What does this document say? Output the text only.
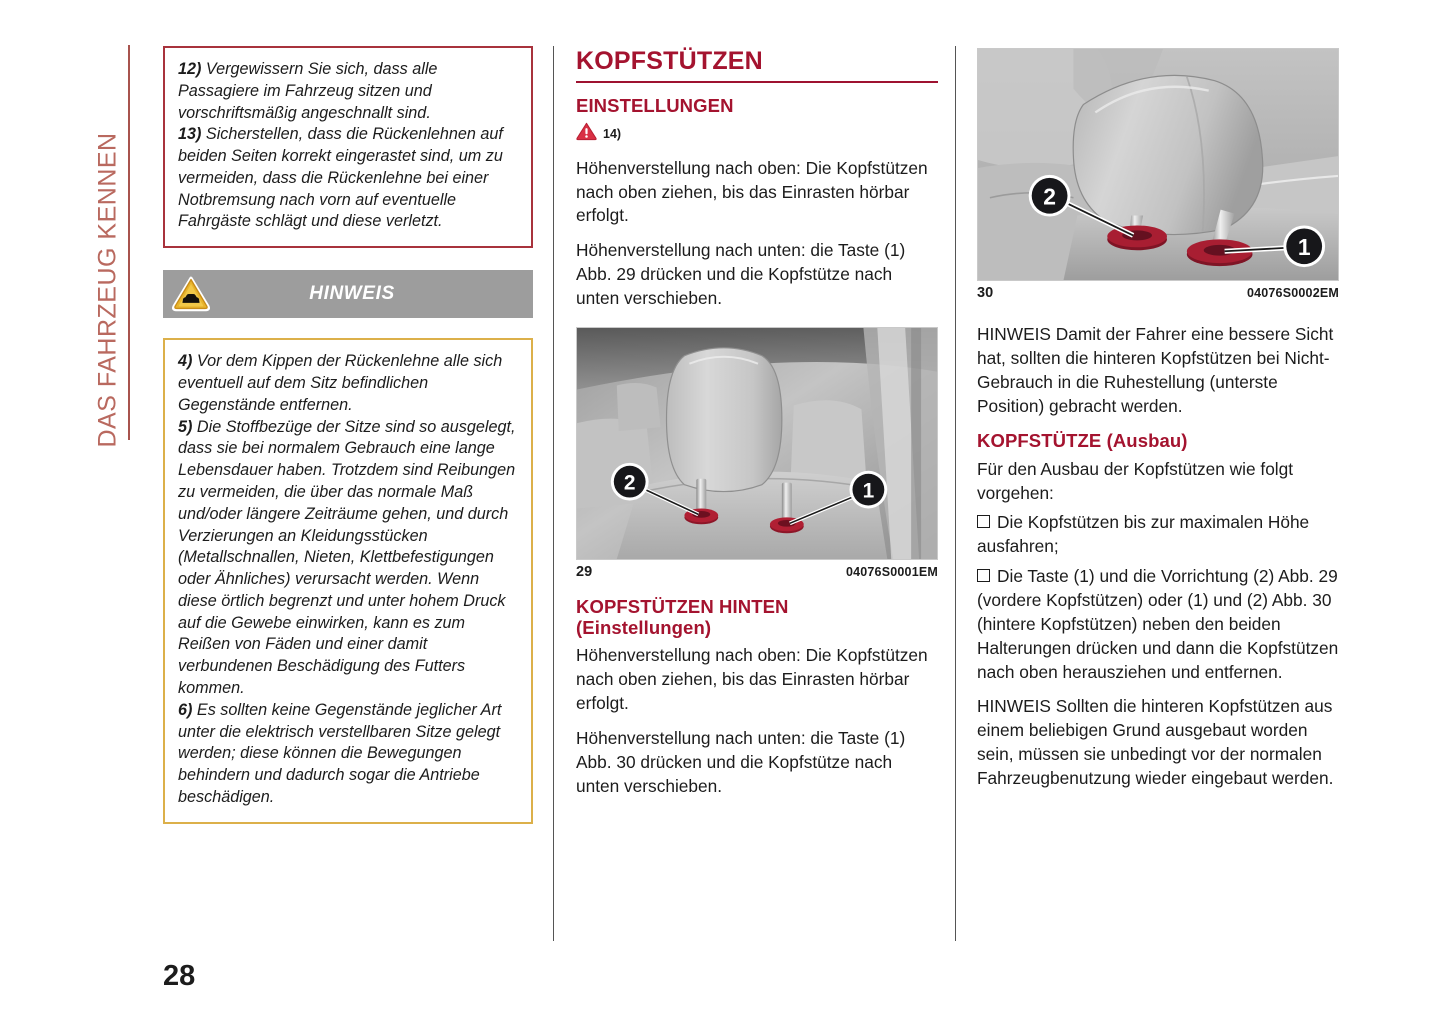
DAS FAHRZEUG KENNEN

12) Vergewissern Sie sich, dass alle Passagiere im Fahrzeug sitzen und vorschriftsmäßig angeschnallt sind.

13) Sicherstellen, dass die Rückenlehnen auf beiden Seiten korrekt eingerastet sind, um zu vermeiden, dass die Rückenlehne bei einer Notbremsung nach vorn auf eventuelle Fahrgäste schlägt und diese verletzt.

HINWEIS

4) Vor dem Kippen der Rückenlehne alle sich eventuell auf dem Sitz befindlichen Gegenstände entfernen.

5) Die Stoffbezüge der Sitze sind so ausgelegt, dass sie bei normalem Gebrauch eine lange Lebensdauer haben. Trotzdem sind Reibungen zu vermeiden, die über das normale Maß und/oder längere Zeiträume gehen, und durch Verzierungen an Kleidungsstücken (Metallschnallen, Nieten, Klettbefestigungen oder Ähnliches) verursacht werden. Wenn diese örtlich begrenzt und unter hohem Druck auf die Gewebe einwirken, kann es zum Reißen von Fäden und einer damit verbundenen Beschädigung des Futters kommen.

6) Es sollten keine Gegenstände jeglicher Art unter die elektrisch verstellbaren Sitze gelegt werden; diese können die Bewegungen behindern und dadurch sogar die Antriebe beschädigen.

KOPFSTÜTZEN
EINSTELLUNGEN
14)

Höhenverstellung nach oben: Die Kopfstützen nach oben ziehen, bis das Einrasten hörbar erfolgt.

Höhenverstellung nach unten: die Taste (1) Abb. 29 drücken und die Kopfstütze nach unten verschieben.

2	1
29	04076S0001EM
KOPFSTÜTZEN HINTEN
(Einstellungen)

Höhenverstellung nach oben: Die Kopfstützen nach oben ziehen, bis das Einrasten hörbar erfolgt.

Höhenverstellung nach unten: die Taste (1) Abb. 30 drücken und die Kopfstütze nach unten verschieben.

2
1
30	04076S0002EM

HINWEIS Damit der Fahrer eine bessere Sicht hat, sollten die hinteren Kopfstützen bei Nicht-Gebrauch in die Ruhestellung (unterste Position) gebracht werden.

KOPFSTÜTZE (Ausbau)

Für den Ausbau der Kopfstützen wie folgt vorgehen:

Die Kopfstützen bis zur maximalen Höhe ausfahren;

Die Taste (1) und die Vorrichtung (2) Abb. 29 (vordere Kopfstützen) oder (1) und (2) Abb. 30 (hintere Kopfstützen) neben den beiden Halterungen drücken und dann die Kopfstützen nach oben herausziehen und entfernen.

HINWEIS Sollten die hinteren Kopfstützen aus einem beliebigen Grund ausgebaut worden sein, müssen sie unbedingt vor der normalen Fahrzeugbenutzung wieder eingebaut werden.

28
